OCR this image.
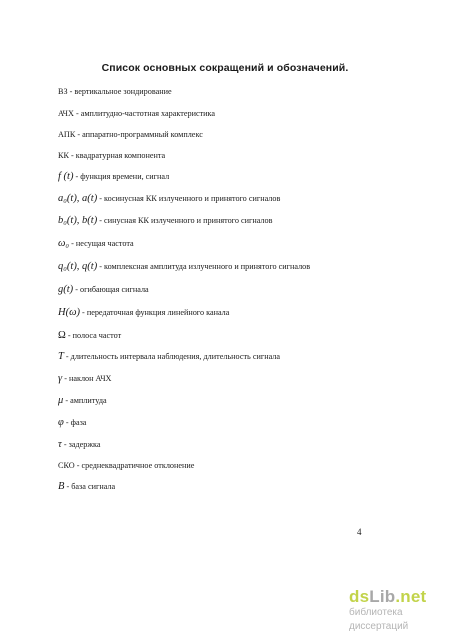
Список основных сокращений и обозначений.
ВЗ - вертикальное зондирование
АЧХ - амплитудно-частотная характеристика
АПК - аппаратно-программный комплекс
КК - квадратурная компонента
f (t) - функция времени, сигнал
a₀(t), a(t) - косинусная КК излученного и принятого сигналов
b₀(t), b(t) - синусная КК излученного и принятого сигналов
ω₀ - несущая частота
q₀(t), q(t) - комплексная амплитуда излученного и принятого сигналов
g(t) - огибающая сигнала
H(ω) - передаточная функция линейного канала
Ω - полоса частот
T - длительность интервала наблюдения, длительность сигнала
γ - наклон АЧХ
μ - амплитуда
φ - фаза
τ - задержка
СКО - среднеквадратичное отклонение
B - база сигнала
4
dsLib.net
библиотека диссертаций
